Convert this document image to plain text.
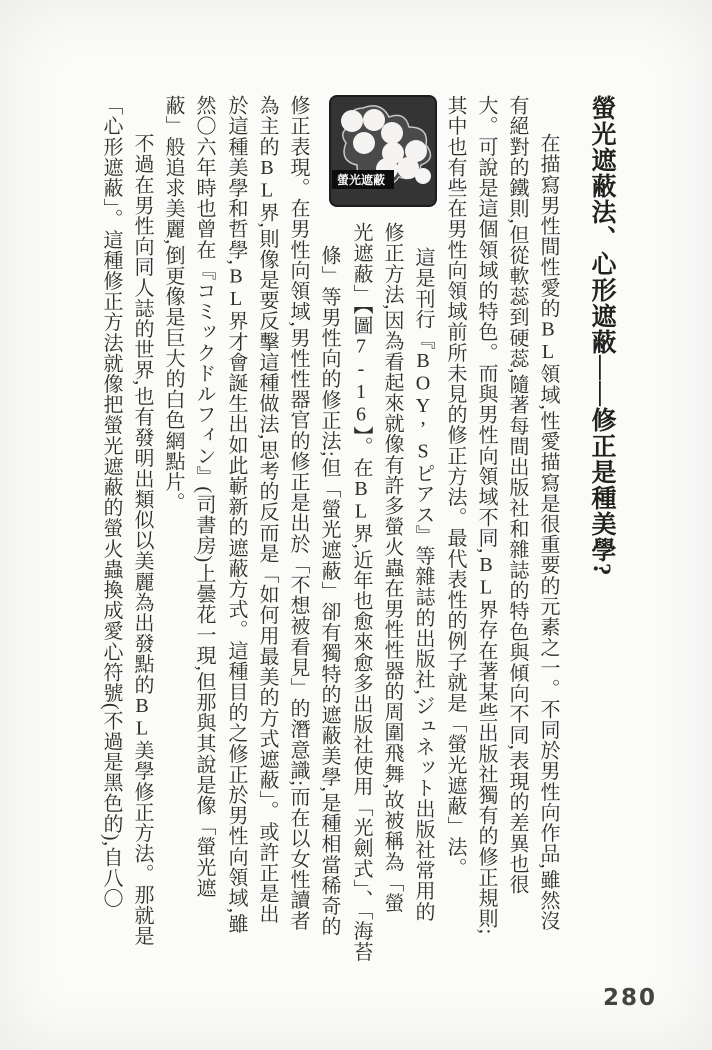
螢光遮蔽法、心形遮蔽——修正是種美學?
在描寫男性間性愛的BL領域,性愛描寫是很重要的元素之一。不同於男性向作品,雖然沒
有絕對的鐵則,但從軟蕊到硬蕊,隨著每間出版社和雜誌的特色與傾向不同,表現的差異也很
大。可說是這個領域的特色。而與男性向領域不同,BL界存在著某些出版社獨有的修正規則;
其中也有些在男性向領域前所未見的修正方法。最代表性的例子就是「螢光遮蔽」法。
這是刊行『BOY’Sピアス』等雜誌的出版社,ジュネット出版社常用的
修正方法,因為看起來就像有許多螢火蟲在男性性器的周圍飛舞,故被稱為「螢
光遮蔽」【圖7-16】。在BL界,近年也愈來愈多出版社使用「光劍式」、「海苔
條」等男性向的修正法;但「螢光遮蔽」卻有獨特的遮蔽美學,是種相當稀奇的
修正表現。在男性向領域,男性性器官的修正是出於「不想被看見」的潛意識;而在以女性讀者
為主的BL界,則像是要反擊這種做法,思考的反而是「如何用最美的方式遮蔽」。或許正是出
於這種美學和哲學,BL界才會誕生出如此嶄新的遮蔽方式。這種目的之修正於男性向領域,雖
然〇六年時也曾在『コミックドルフィン』(司書房)上曇花一現,但那與其說是像「螢光遮
蔽」般追求美麗,倒更像是巨大的白色網點片。
不過在男性向同人誌的世界,也有發明出類似以美麗為出發點的BL美學修正方法。那就是
「心形遮蔽」。這種修正方法就像把螢光遮蔽的螢火蟲換成愛心符號(不過是黑色的),自八〇	螢光遮蔽
280
